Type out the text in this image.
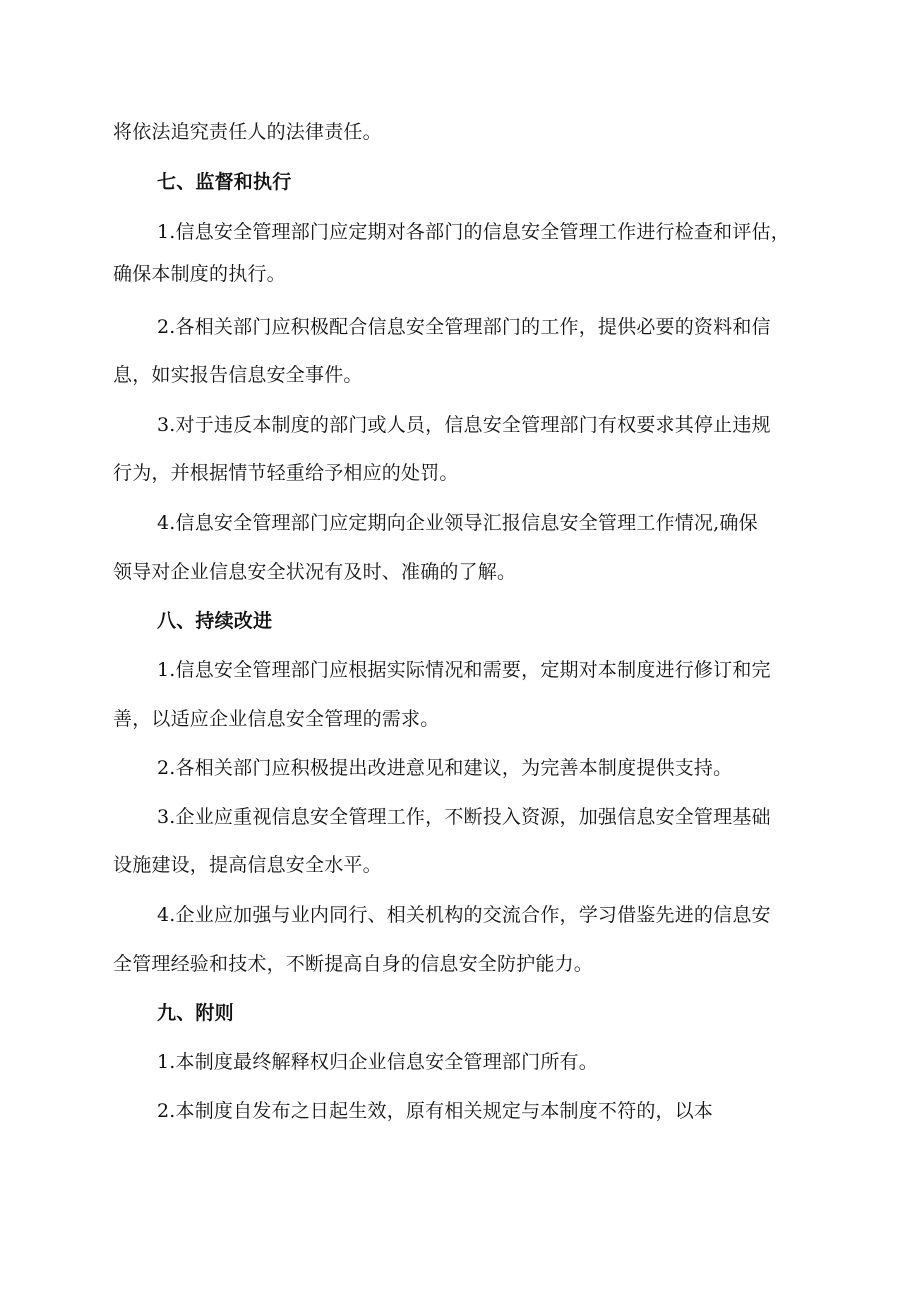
将依法追究责任人的法律责任。

七、监督和执行

1.信息安全管理部门应定期对各部门的信息安全管理工作进行检查和评估，

确保本制度的执行。

2.各相关部门应积极配合信息安全管理部门的工作，提供必要的资料和信

息，如实报告信息安全事件。

3.对于违反本制度的部门或人员，信息安全管理部门有权要求其停止违规

行为，并根据情节轻重给予相应的处罚。

4.信息安全管理部门应定期向企业领导汇报信息安全管理工作情况,确保

领导对企业信息安全状况有及时、准确的了解。

八、持续改进

1.信息安全管理部门应根据实际情况和需要，定期对本制度进行修订和完

善，以适应企业信息安全管理的需求。

2.各相关部门应积极提出改进意见和建议，为完善本制度提供支持。

3.企业应重视信息安全管理工作，不断投入资源，加强信息安全管理基础

设施建设，提高信息安全水平。

4.企业应加强与业内同行、相关机构的交流合作，学习借鉴先进的信息安

全管理经验和技术，不断提高自身的信息安全防护能力。

九、附则

1.本制度最终解释权归企业信息安全管理部门所有。

2.本制度自发布之日起生效，原有相关规定与本制度不符的，以本
